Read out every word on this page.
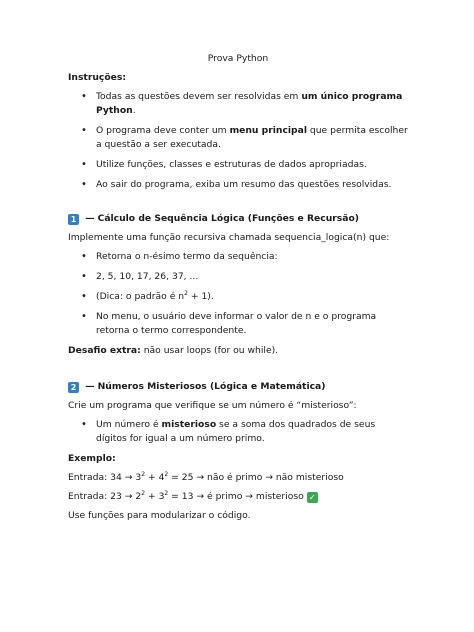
Prova Python
Instruções:
• Todas as questões devem ser resolvidas em um único programa Python.
• O programa deve conter um menu principal que permita escolher a questão a ser executada.
• Utilize funções, classes e estruturas de dados apropriadas.
• Ao sair do programa, exiba um resumo das questões resolvidas.
1 — Cálculo de Sequência Lógica (Funções e Recursão)
Implemente uma função recursiva chamada sequencia_logica(n) que:
• Retorna o n-ésimo termo da sequência:
• 2, 5, 10, 17, 26, 37, ...
• (Dica: o padrão é $n^2 + 1$).
• No menu, o usuário deve informar o valor de n e o programa retorna o termo correspondente.
Desafio extra: não usar loops (for ou while).
2 — Números Misteriosos (Lógica e Matemática)
Crie um programa que verifique se um número é “misterioso”:
• Um número é misterioso se a soma dos quadrados de seus dígitos for igual a um número primo.
Exemplo:
Entrada: $34 \to 3^2 + 4^2 = 25$ → não é primo → não misterioso
Entrada: $23 \to 2^2 + 3^2 = 13$ → é primo → misterioso ✓
Use funções para modularizar o código.
